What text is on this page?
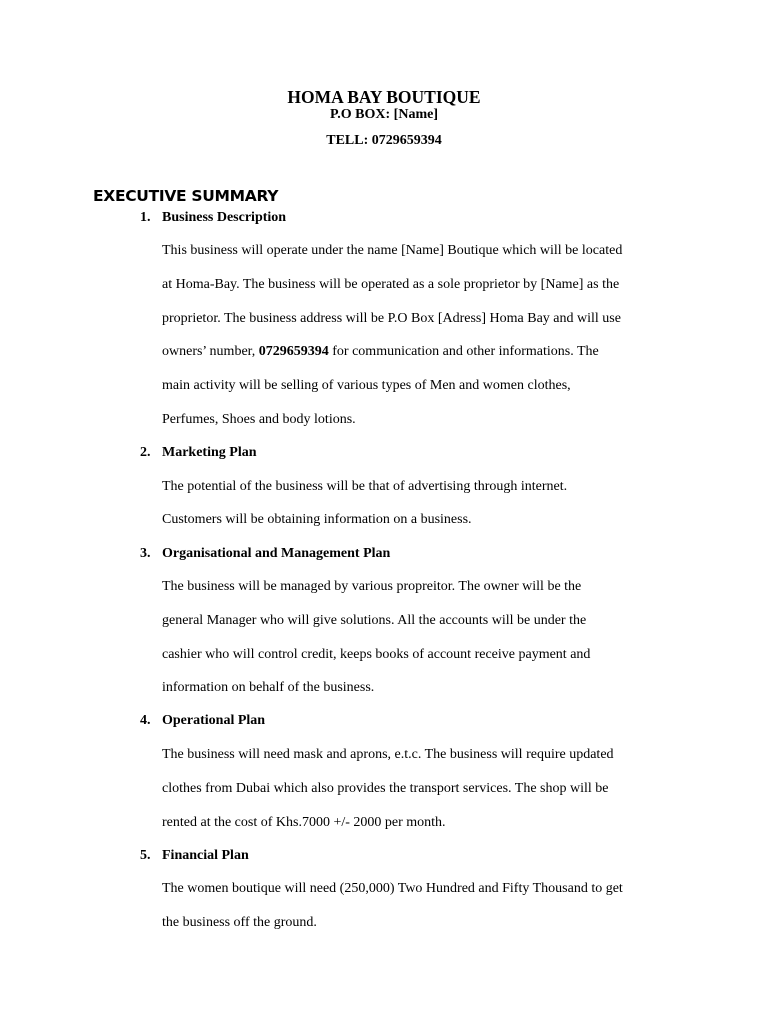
HOMA BAY BOUTIQUE
P.O BOX: [Name]
TELL: 0729659394
EXECUTIVE SUMMARY
1. Business Description
This business will operate under the name [Name] Boutique which will be located
at Homa-Bay. The business will be operated as a sole proprietor by [Name] as the
proprietor. The business address will be P.O Box [Adress] Homa Bay and will use
owners’ number, 0729659394 for communication and other informations. The
main activity will be selling of various types of Men and women clothes,
Perfumes, Shoes and body lotions.
2. Marketing Plan
The potential of the business will be that of advertising through internet.
Customers will be obtaining information on a business.
3. Organisational and Management Plan
The business will be managed by various propreitor. The owner will be the
general Manager who will give solutions. All the accounts will be under the
cashier who will control credit, keeps books of account receive payment and
information on behalf of the business.
4. Operational Plan
The business will need mask and aprons, e.t.c. The business will require updated
clothes from Dubai which also provides the transport services. The shop will be
rented at the cost of Khs.7000 +/- 2000 per month.
5. Financial Plan
The women boutique will need (250,000) Two Hundred and Fifty Thousand to get
the business off the ground.
